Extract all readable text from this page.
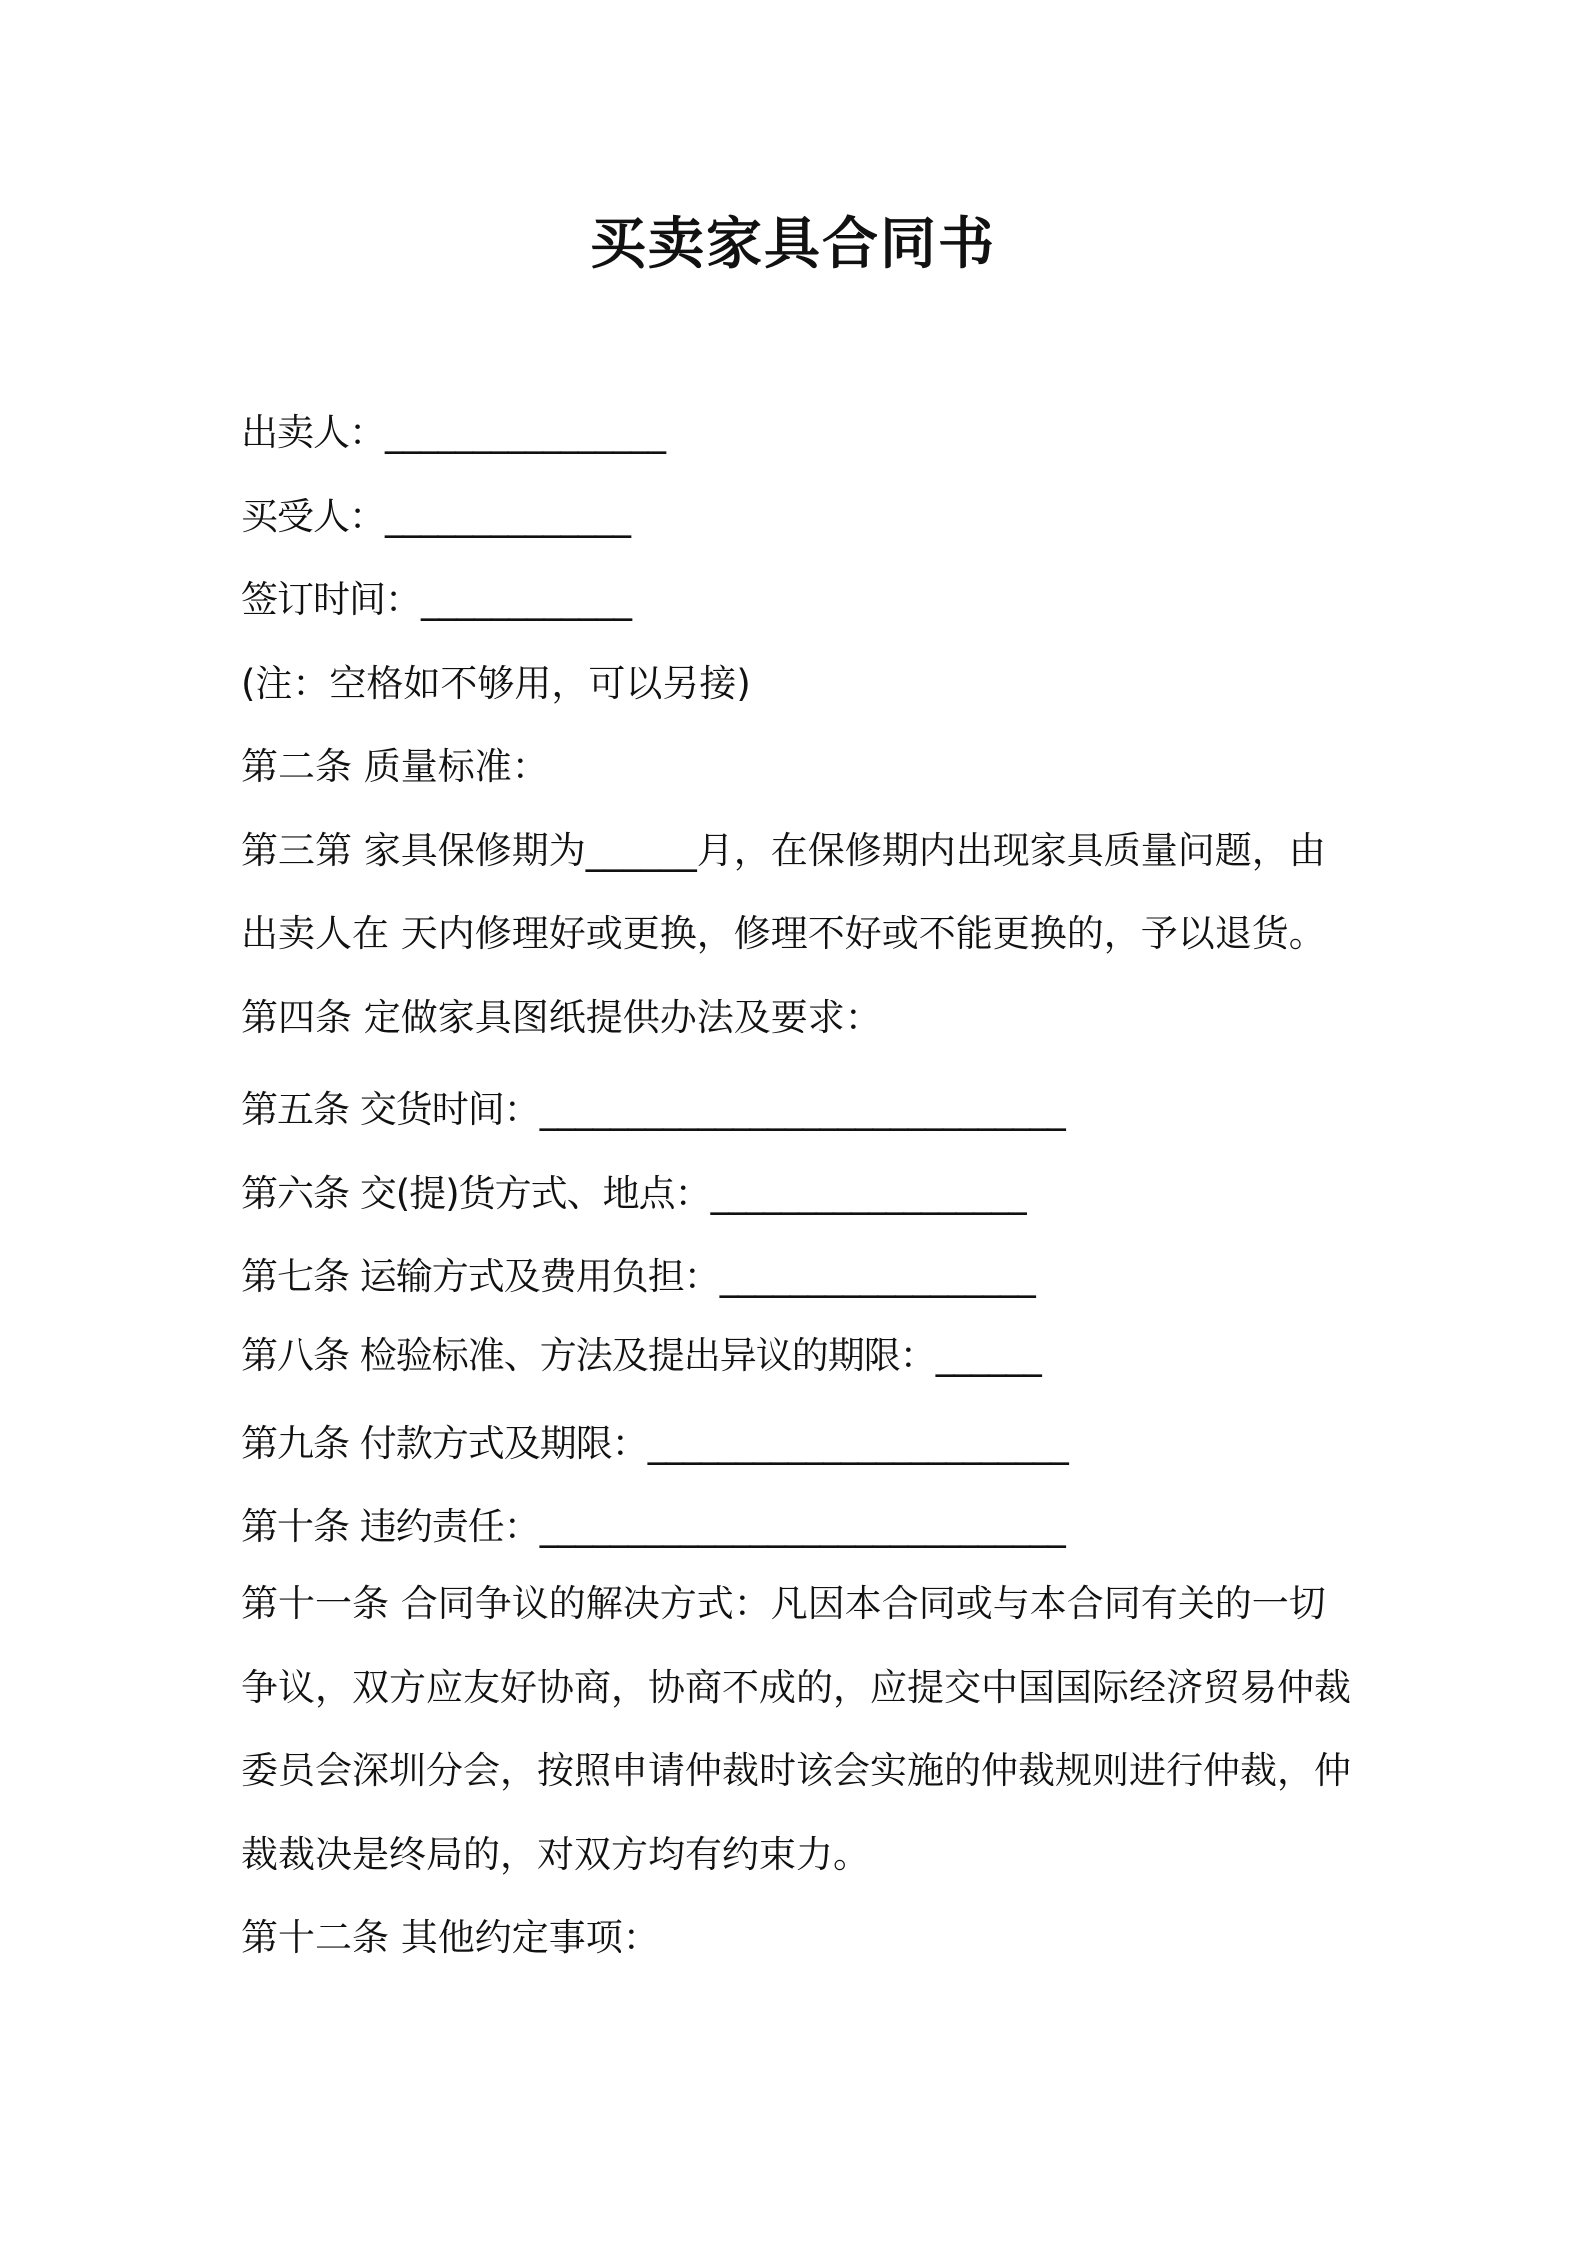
买卖家具合同书
出卖人：________________
买受人：______________
签订时间：____________
(注：空格如不够用，可以另接)
第二条 质量标准：
第三第 家具保修期为______月，在保修期内出现家具质量问题，由
出卖人在 天内修理好或更换，修理不好或不能更换的，予以退货。
第四条 定做家具图纸提供办法及要求：
第五条 交货时间：______________________________
第六条 交(提)货方式、地点：__________________
第七条 运输方式及费用负担：__________________
第八条 检验标准、方法及提出异议的期限：______
第九条 付款方式及期限：________________________
第十条 违约责任：______________________________
第十一条 合同争议的解决方式：凡因本合同或与本合同有关的一切
争议，双方应友好协商，协商不成的，应提交中国国际经济贸易仲裁
委员会深圳分会，按照申请仲裁时该会实施的仲裁规则进行仲裁，仲
裁裁决是终局的，对双方均有约束力。
第十二条 其他约定事项：
